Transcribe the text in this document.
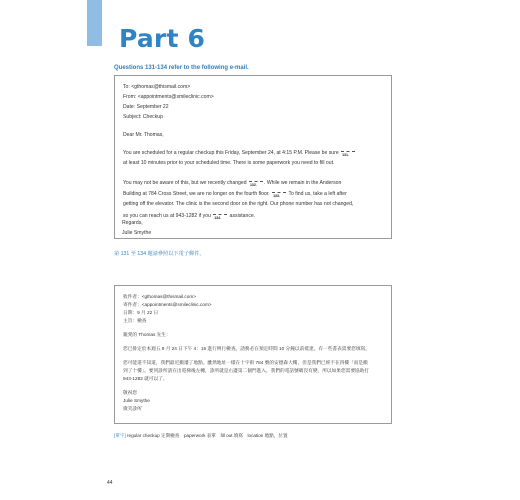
Part 6
Questions 131-134 refer to the following e-mail.
To: <gthomas@thismail.com>
From: <appointments@smileclinic.com>
Date: September 22
Subject: Checkup
Dear Mr. Thomas,
You are scheduled for a regular checkup this Friday, September 24, at 4:15 P.M. Please be sure 131.
at least 10 minutes prior to your scheduled time. There is some paperwork you need to fill out.
You may not be aware of this, but we recently changed 132. . While we remain in the Anderson
Building at 784 Cross Street, we are no longer on the fourth floor. 133. To find us, take a left after
getting off the elevator. The clinic is the second door on the right. Our phone number has not changed,
so you can reach us at 943-1282 if you 134. assistance.
Regards,
Julie Smythe
第 131 至 134 題請參照以下電子郵件。
收件者：<gthomas@thismail.com>
寄件者：<appointments@smileclinic.com>
日期：9 月 22 日
主旨：檢查
親愛的 Thomas 先生：
您已排定於本週五 9 月 24 日下午 4：15 進行例行檢查。請務必在預定時間 10 分鐘以前抵達。有一些書表需要您填寫。
您可能還不知道，我們最近搬遷了地點。雖然地址一樣在十字街 784 號的安德森大樓，但是我們已經不在四樓「而是搬
到了十樓」。要到診所請在出電梯後左轉，診所就是右邊第二個門進入。我們的電話號碼沒有變，所以如果您需要協助打
943-1282 就可以了。
敬祝您
Julie Smythe
微笑診所
[單字] regular checkup 定期檢查　paperwork 表單　fill out 填寫　location 地點，位置
44
